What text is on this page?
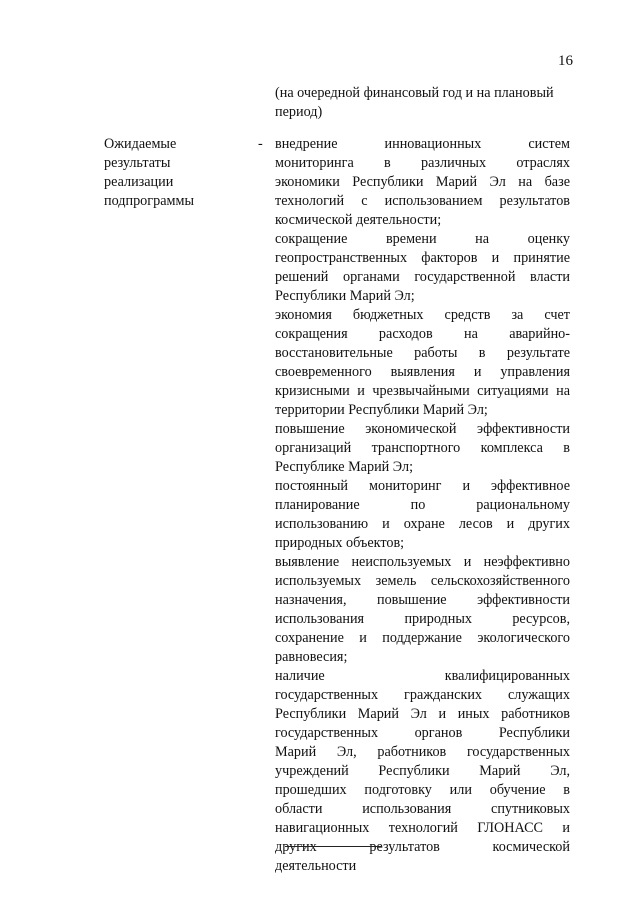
16
(на очередной финансовый год и на плановый
период)
Ожидаемые
результаты
реализации
подпрограммы
- внедрение инновационных систем
мониторинга в различных отраслях
экономики Республики Марий Эл на базе
технологий с использованием результатов
космической деятельности;
сокращение времени на оценку
геопространственных факторов и принятие
решений органами государственной власти
Республики Марий Эл;
экономия бюджетных средств за счет
сокращения расходов на аварийно-
восстановительные работы в результате
своевременного выявления и управления
кризисными и чрезвычайными ситуациями на
территории Республики Марий Эл;
повышение экономической эффективности
организаций транспортного комплекса в
Республике Марий Эл;
постоянный мониторинг и эффективное
планирование по рациональному
использованию и охране лесов и других
природных объектов;
выявление неиспользуемых и неэффективно
используемых земель сельскохозяйственного
назначения, повышение эффективности
использования природных ресурсов,
сохранение и поддержание экологического
равновесия;
наличие квалифицированных
государственных гражданских служащих
Республики Марий Эл и иных работников
государственных органов Республики
Марий Эл, работников государственных
учреждений Республики Марий Эл,
прошедших подготовку или обучение в
области использования спутниковых
навигационных технологий ГЛОНАСС и
других результатов космической
деятельности
